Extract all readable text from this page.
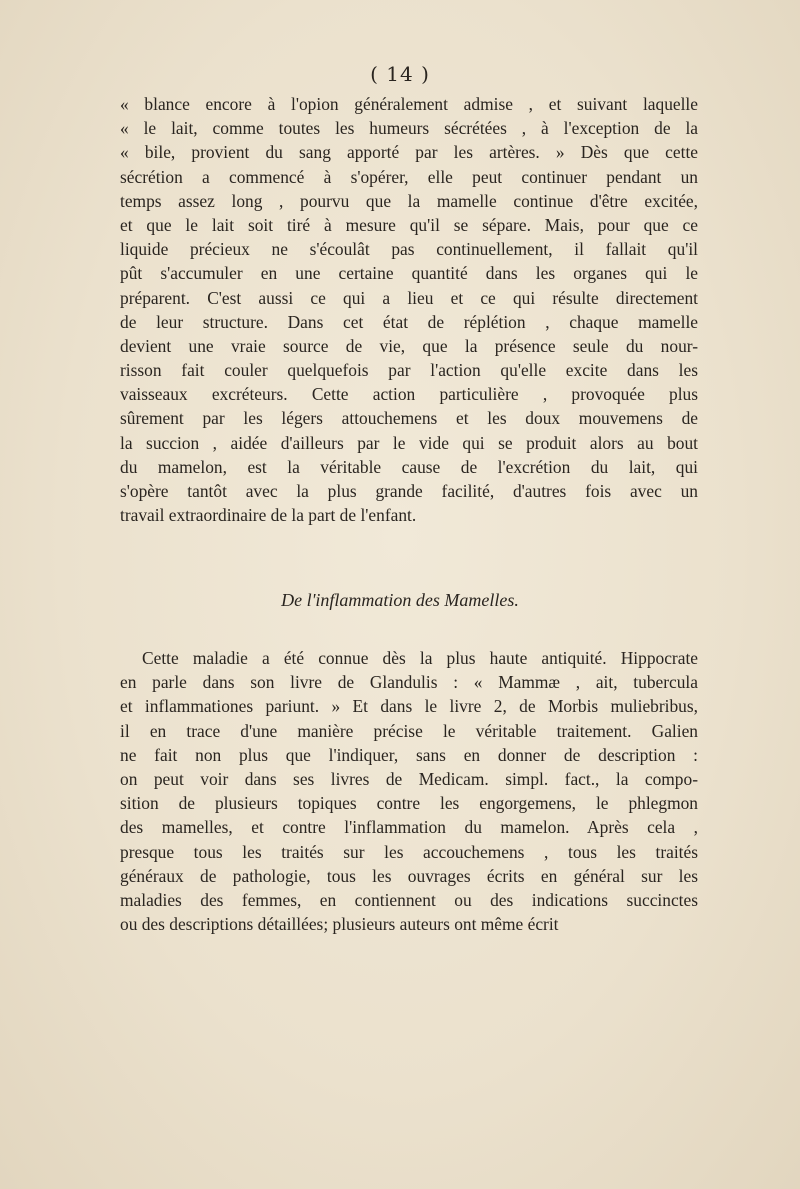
( 14 )
« blance encore à l'opion généralement admise , et suivant laquelle
« le lait, comme toutes les humeurs sécrétées , à l'exception de la
« bile, provient du sang apporté par les artères. » Dès que cette
sécrétion a commencé à s'opérer, elle peut continuer pendant un
temps assez long , pourvu que la mamelle continue d'être excitée,
et que le lait soit tiré à mesure qu'il se sépare. Mais, pour que ce
liquide précieux ne s'écoulât pas continuellement, il fallait qu'il
pût s'accumuler en une certaine quantité dans les organes qui le
préparent. C'est aussi ce qui a lieu et ce qui résulte directement
de leur structure. Dans cet état de réplétion , chaque mamelle
devient une vraie source de vie, que la présence seule du nour-
risson fait couler quelquefois par l'action qu'elle excite dans les
vaisseaux excréteurs. Cette action particulière , provoquée plus
sûrement par les légers attouchemens et les doux mouvemens de
la succion , aidée d'ailleurs par le vide qui se produit alors au bout
du mamelon, est la véritable cause de l'excrétion du lait, qui
s'opère tantôt avec la plus grande facilité, d'autres fois avec un
travail extraordinaire de la part de l'enfant.
De l'inflammation des Mamelles.
Cette maladie a été connue dès la plus haute antiquité. Hippocrate
en parle dans son livre de Glandulis : « Mammæ , ait, tubercula
et inflammationes pariunt. » Et dans le livre 2, de Morbis muliebribus,
il en trace d'une manière précise le véritable traitement. Galien
ne fait non plus que l'indiquer, sans en donner de description :
on peut voir dans ses livres de Medicam. simpl. fact., la compo-
sition de plusieurs topiques contre les engorgemens, le phlegmon
des mamelles, et contre l'inflammation du mamelon. Après cela ,
presque tous les traités sur les accouchemens , tous les traités
généraux de pathologie, tous les ouvrages écrits en général sur les
maladies des femmes, en contiennent ou des indications succinctes
ou des descriptions détaillées; plusieurs auteurs ont même écrit
